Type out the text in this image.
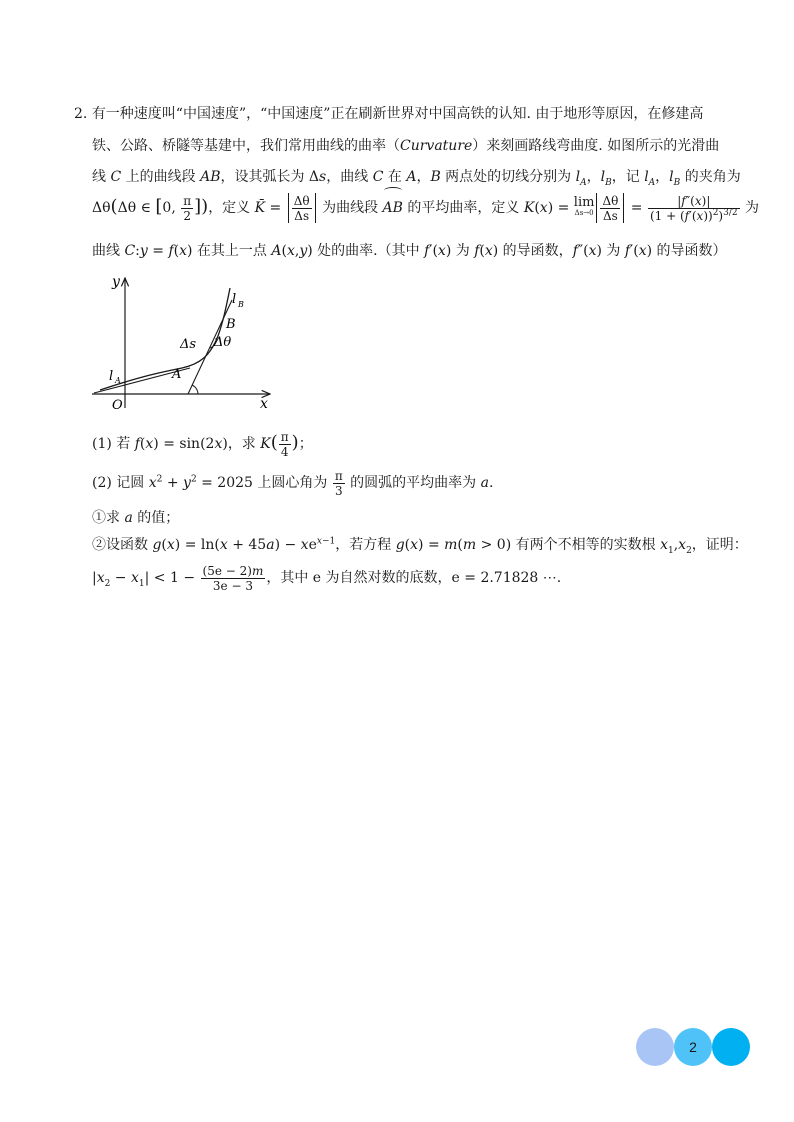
2. 有一种速度叫“中国速度”，“中国速度”正在刷新世界对中国高铁的认知. 由于地形等原因，在修建高
铁、公路、桥隧等基建中，我们常用曲线的曲率（Curvature）来刻画路线弯曲度. 如图所示的光滑曲
线 C 上的曲线段 AB，设其弧长为 Δs，曲线 C 在 A，B 两点处的切线分别为 $l_A$，$l_B$，记 $l_A$，$l_B$ 的夹角为
Δθ(Δθ ∈ [0, $\frac{\pi}{2}$ ])，定义 K̄ = $\frac{\Delta\theta}{\Delta s}$ 为曲线段 AB 的平均曲率，定义 K(x) = lim
$\Delta s\to 0 \frac{\Delta\theta}{\Delta s} = \frac{|f''(x)|}{(1 + (f'(x))^2)^{3/2}}$ 为
曲线 C:y = f(x) 在其上一点 A(x,y) 处的曲率.（其中 f′(x) 为 f(x) 的导函数，f″(x) 为 f′(x) 的导函数）
y
x
O
l A
l B
A
B
Δs Δθ
(1) 若 f(x) = sin(2x)，求 $K( \frac{\pi}{4}$ )；
(2) 记圆 $x^2 + y^2 = 2025$ 上圆心角为 $\frac{\pi}{3}$ 的圆弧的平均曲率为 a.
①求 a 的值；
②设函数 $g(x) = \ln(x + 45a) - xe^{x-1}$，若方程 g(x) = m(m > 0) 有两个不相等的实数根 $x_1,x_2$，证明：
$|x_2 - x_1| < 1 - \frac{(5e - 2)m}{3e - 3}$ ，其中 e 为自然对数的底数，e = 2.71828 ⋯.
2
